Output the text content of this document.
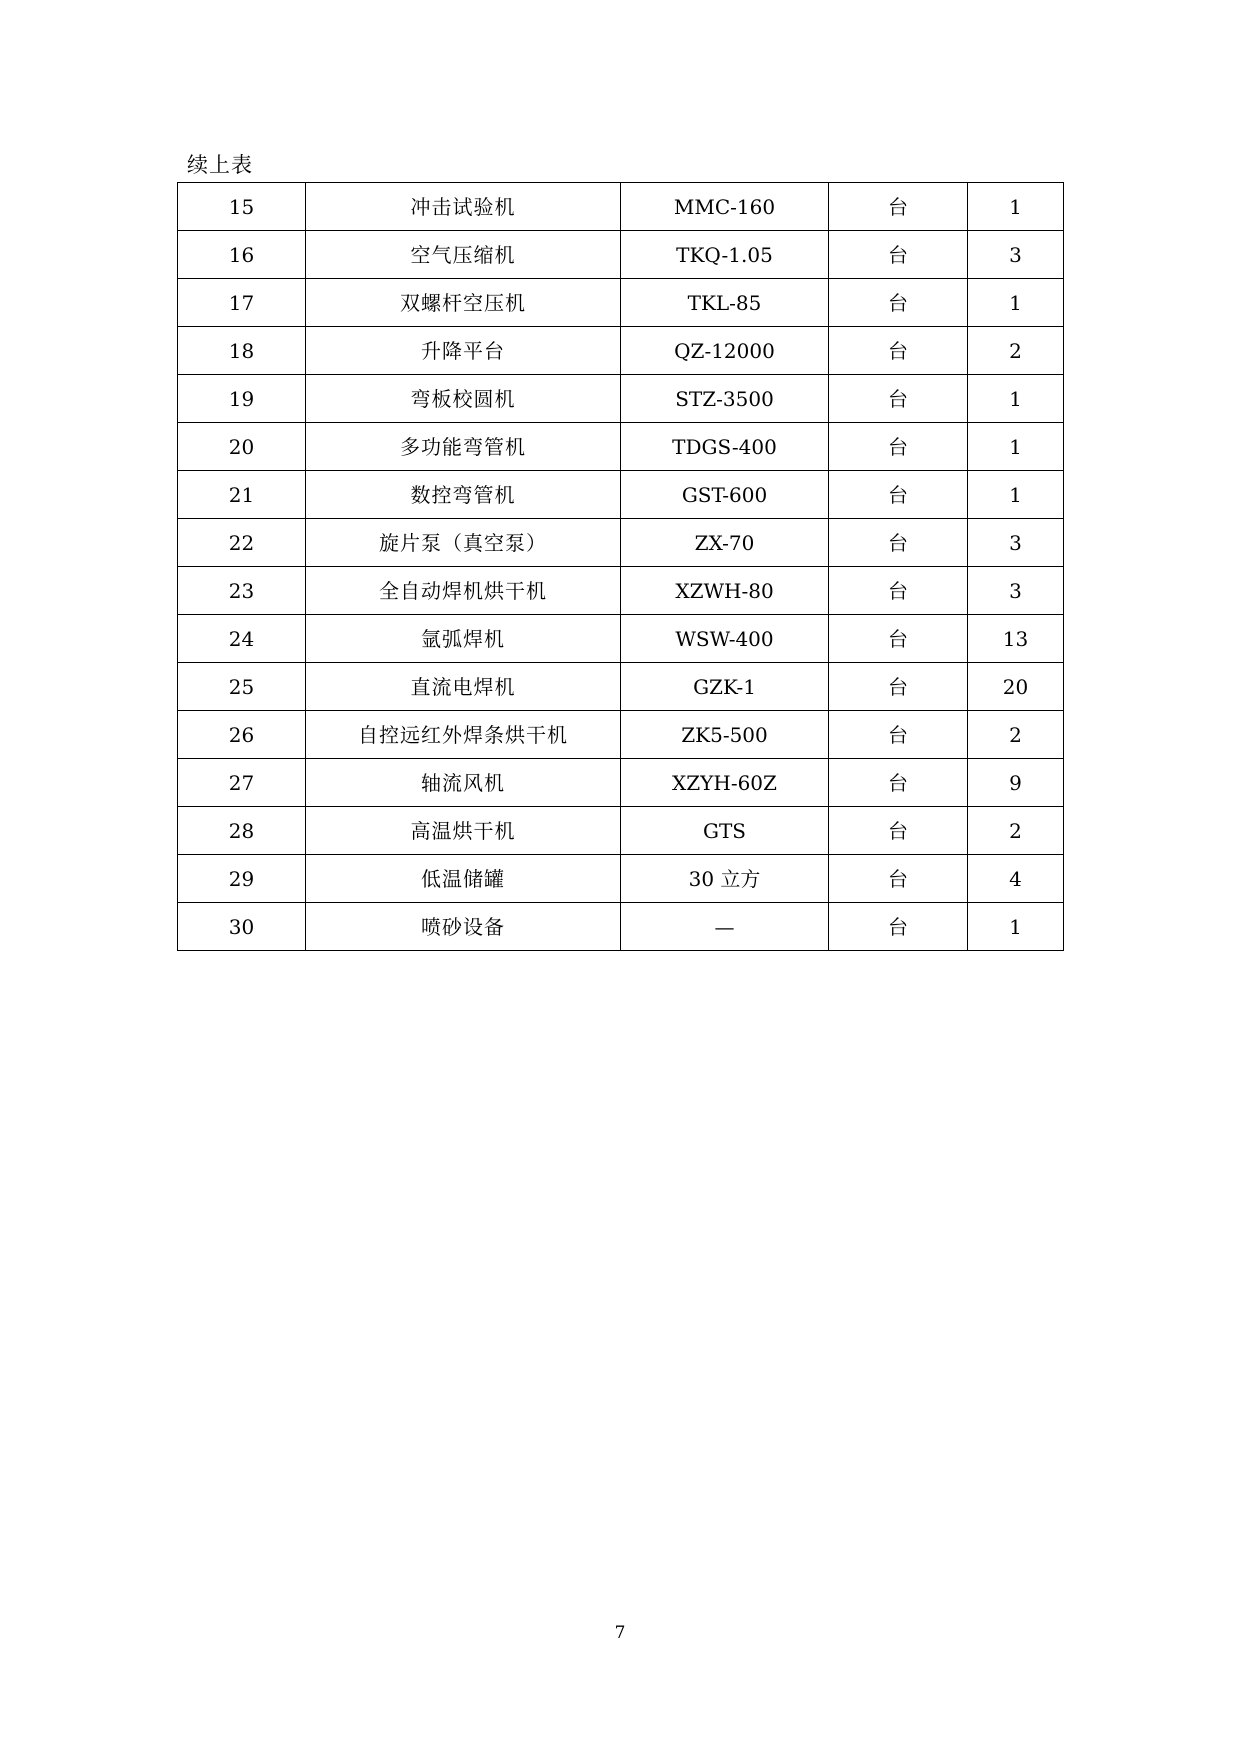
续上表
15	冲击试验机	MMC-160	台	1
16	空气压缩机	TKQ-1.05	台	3
17	双螺杆空压机	TKL-85	台	1
18	升降平台	QZ-12000	台	2
19	弯板校圆机	STZ-3500	台	1
20	多功能弯管机	TDGS-400	台	1
21	数控弯管机	GST-600	台	1
22	旋片泵（真空泵）	ZX-70	台	3
23	全自动焊机烘干机	XZWH-80	台	3
24	氩弧焊机	WSW-400	台	13
25	直流电焊机	GZK-1	台	20
26	自控远红外焊条烘干机	ZK5-500	台	2
27	轴流风机	XZYH-60Z	台	9
28	高温烘干机	GTS	台	2
29	低温储罐	30 立方	台	4
30	喷砂设备	—	台	1
7
